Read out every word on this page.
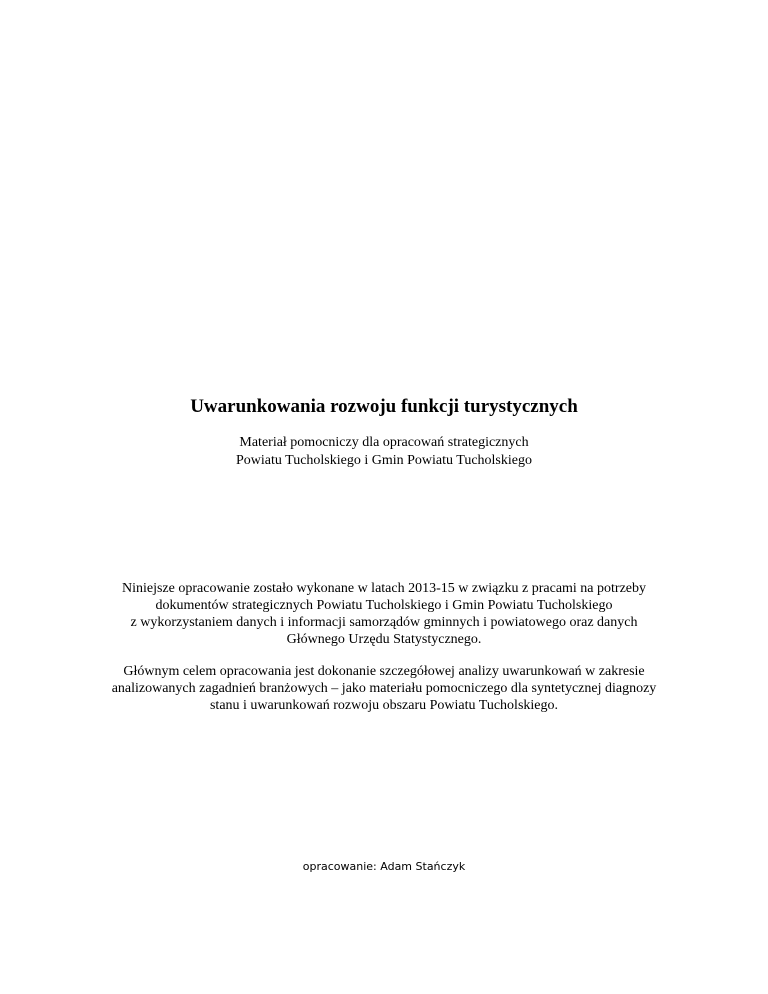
Uwarunkowania rozwoju funkcji turystycznych
Materiał pomocniczy dla opracowań strategicznych
Powiatu Tucholskiego i Gmin Powiatu Tucholskiego
Niniejsze opracowanie zostało wykonane w latach 2013-15 w związku z pracami na potrzeby
dokumentów strategicznych Powiatu Tucholskiego i Gmin Powiatu Tucholskiego
z wykorzystaniem danych i informacji samorządów gminnych i powiatowego oraz danych
Głównego Urzędu Statystycznego.
Głównym celem opracowania jest dokonanie szczegółowej analizy uwarunkowań w zakresie
analizowanych zagadnień branżowych – jako materiału pomocniczego dla syntetycznej diagnozy
stanu i uwarunkowań rozwoju obszaru Powiatu Tucholskiego.
opracowanie: Adam Stańczyk
